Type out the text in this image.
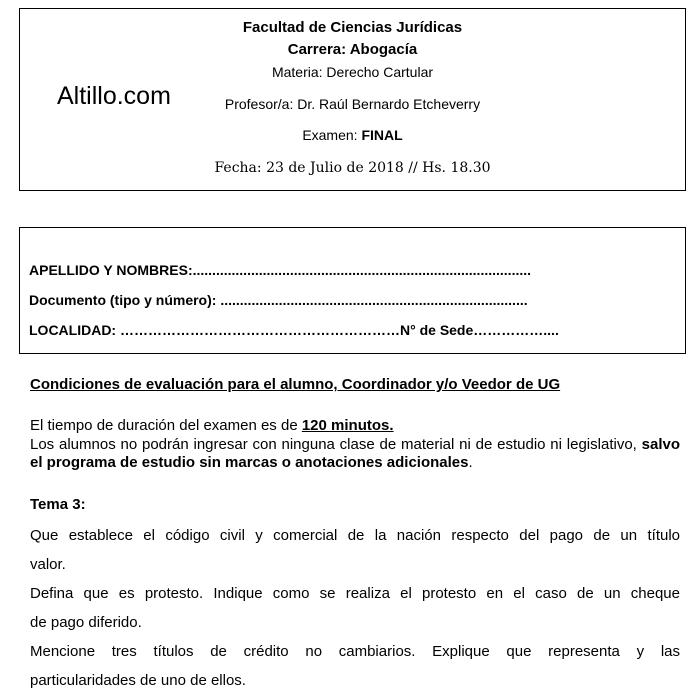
Facultad de Ciencias Jurídicas
Carrera: Abogacía
Materia: Derecho Cartular
Profesor/a: Dr. Raúl Bernardo Etcheverry
Examen: FINAL
Fecha: 23 de Julio de 2018 // Hs. 18.30
Altillo.com
APELLIDO Y NOMBRES:.......................................................................................
Documento (tipo y número): ...............................................................................
LOCALIDAD: ……………………………………………………N° de Sede……………....
Condiciones de evaluación para el alumno, Coordinador y/o Veedor de UG
El tiempo de duración del examen es de 120 minutos.
Los alumnos no podrán ingresar con ninguna clase de material ni de estudio ni legislativo, salvo el programa de estudio sin marcas o anotaciones adicionales.
Tema 3:
Que establece el código civil y comercial de la nación respecto del pago de un título
valor.
Defina que es protesto. Indique como se realiza el protesto en el caso de un cheque
de pago diferido.
Mencione tres títulos de crédito no cambiarios. Explique que representa y las
particularidades de uno de ellos.
